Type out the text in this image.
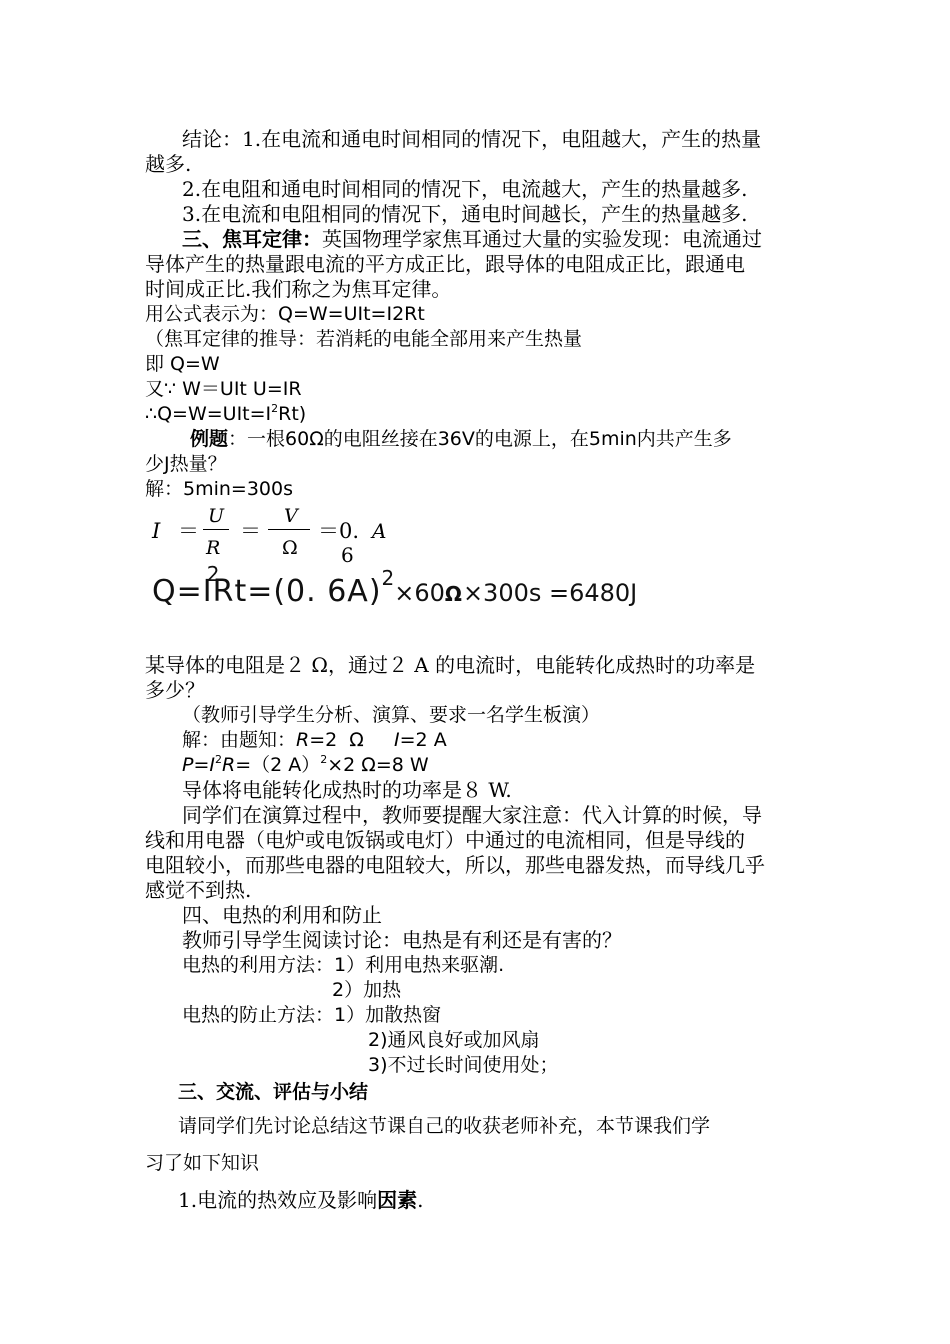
结论：1.在电流和通电时间相同的情况下，电阻越大，产生的热量
越多.
2.在电阻和通电时间相同的情况下，电流越大，产生的热量越多.
3.在电流和电阻相同的情况下，通电时间越长，产生的热量越多.
三、焦耳定律：英国物理学家焦耳通过大量的实验发现：电流通过
导体产生的热量跟电流的平方成正比，跟导体的电阻成正比，跟通电
时间成正比.我们称之为焦耳定律。
用公式表示为：Q=W=UIt=I2Rt
（焦耳定律的推导：若消耗的电能全部用来产生热量
即 Q=W
又∵ W＝UIt U=IR
$\therefore Q=W=UIt=I^2Rt$)
例题：一根60Ω的电阻丝接在36V的电源上，在5min内共产生多
少J热量？
解：5min=300s
I ＝
U
R
＝
V
Ω
＝0.
6
A
Q=I
2
Rt=(0. 6A)$^2$×60Ω×300s =6480J
某导体的电阻是２ Ω，通过２ A 的电流时，电能转化成热时的功率是
多少？
（教师引导学生分析、演算、要求一名学生板演）
解：由题知：R=2  Ω     I=2 A
$P=I^2R=(2$ A）$^2$×2 Ω=8 W
导体将电能转化成热时的功率是８ W.
同学们在演算过程中，教师要提醒大家注意：代入计算的时候，导
线和用电器（电炉或电饭锅或电灯）中通过的电流相同，但是导线的
电阻较小，而那些电器的电阻较大，所以，那些电器发热，而导线几乎
感觉不到热.
四、电热的利用和防止
教师引导学生阅读讨论：电热是有利还是有害的？
电热的利用方法：1）利用电热来驱潮.
2）加热
电热的防止方法：1）加散热窗
2)通风良好或加风扇
3)不过长时间使用处；
三、交流、评估与小结
请同学们先讨论总结这节课自己的收获老师补充，本节课我们学
习了如下知识
1.电流的热效应及影响因素.
